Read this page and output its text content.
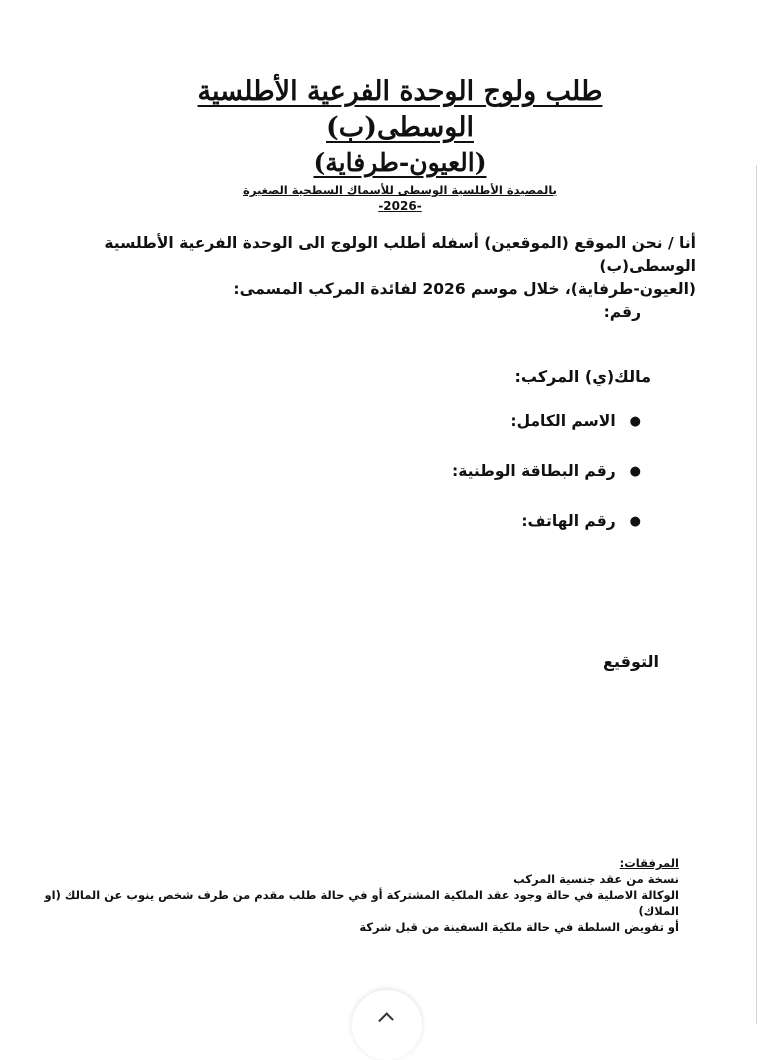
طلب ولوج الوحدة الفرعية الأطلسية الوسطى(ب)

(العيون-طرفاية)

بالمصيدة الأطلسية الوسطى للأسماك السطحية الصغيرة
-2026-

أنا / نحن الموقع (الموقعين) أسفله أطلب الولوج الى الوحدة الفرعية الأطلسية الوسطى(ب)

(العيون-طرفاية)، خلال موسم 2026 لفائدة المركب المسمى:

رقم:

مالك(ي) المركب:
●
الاسم الكامل:
●
رقم البطاقة الوطنية:
●
رقم الهاتف:
التوقيع

المرفقات:

نسخة من عقد جنسية المركب

الوكالة الاصلية في حالة وجود عقد الملكية المشتركة أو في حالة طلب مقدم من طرف شخص ينوب عن المالك (او الملاك)

أو تفويض السلطة في حالة ملكية السفينة من قبل شركة
